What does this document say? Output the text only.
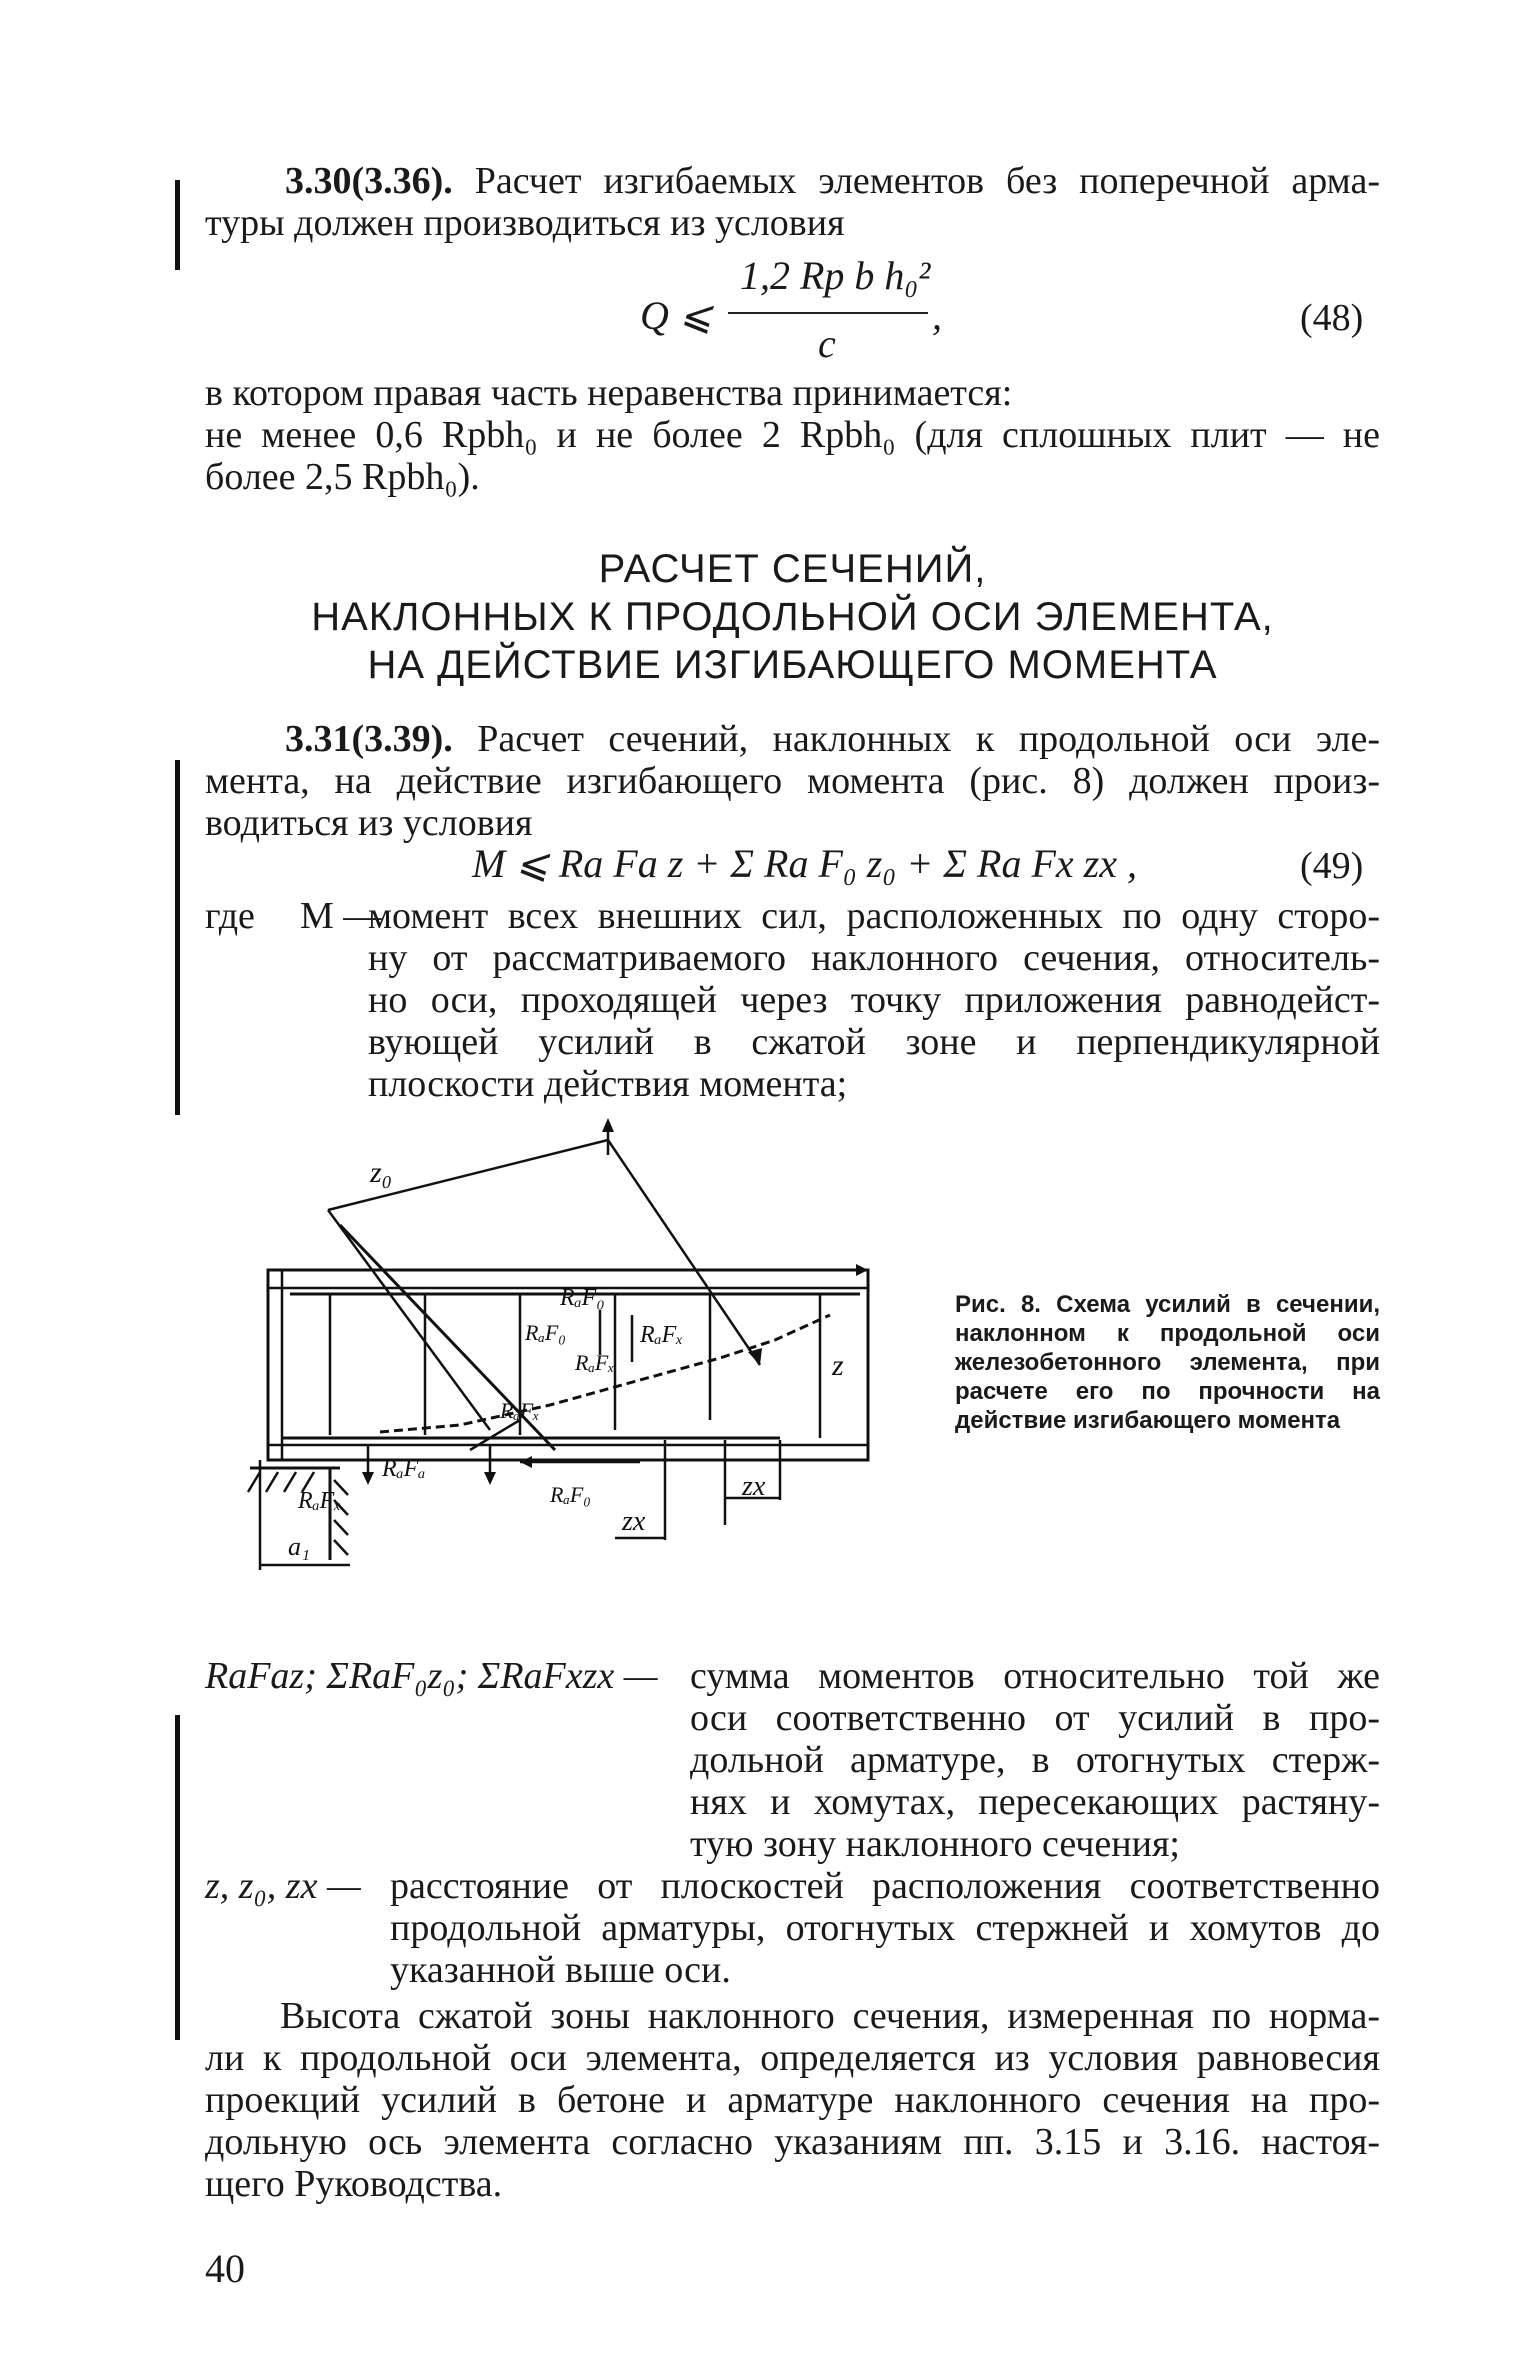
3.30(3.36). Расчет изгибаемых элементов без поперечной арма-
туры должен производиться из условия
Q ⩽
1,2 Rр b h₀²
c
,	(48)
в котором правая часть неравенства принимается:
не менее 0,6 Rрbh₀ и не более 2 Rрbh₀ (для сплошных плит — не
более 2,5 Rрbh₀).
РАСЧЕТ СЕЧЕНИЙ,
НАКЛОННЫХ К ПРОДОЛЬНОЙ ОСИ ЭЛЕМЕНТА,
НА ДЕЙСТВИЕ ИЗГИБАЮЩЕГО МОМЕНТА
3.31(3.39). Расчет сечений, наклонных к продольной оси эле-
мента, на действие изгибающего момента (рис. 8) должен произ-
водиться из условия
M ⩽ Rа Fа z + Σ Rа F₀ z₀ + Σ Rа Fх zх ,	(49)
где M —
момент всех внешних сил, расположенных по одну сторо-
ну от рассматриваемого наклонного сечения, относитель-
но оси, проходящей через точку приложения равнодейст-
вующей усилий в сжатой зоне и перпендикулярной
плоскости действия момента;
z₀
z
zx
zx
a₁
RₐF₀
RₐFₓ
RₐFₓ
RₐF₀
RₐFₓ
RₐFₐ
RₐFₓ	RₐF₀
Рис. 8. Схема усилий в сечении, наклонном к продольной оси железобетонного элемента, при расчете его по прочности на действие изгибающего момента
RаFаz; ΣRаF₀z₀; ΣRаFхzх — сумма моментов относительно той же
оси соответственно от усилий в про-
дольной арматуре, в отогнутых стерж-
нях и хомутах, пересекающих растяну-
тую зону наклонного сечения;
z, z₀, zх — расстояние от плоскостей расположения соответственно
продольной арматуры, отогнутых стержней и хомутов до
указанной выше оси.
Высота сжатой зоны наклонного сечения, измеренная по норма-
ли к продольной оси элемента, определяется из условия равновесия
проекций усилий в бетоне и арматуре наклонного сечения на про-
дольную ось элемента согласно указаниям пп. 3.15 и 3.16. настоя-
щего Руководства.
40
